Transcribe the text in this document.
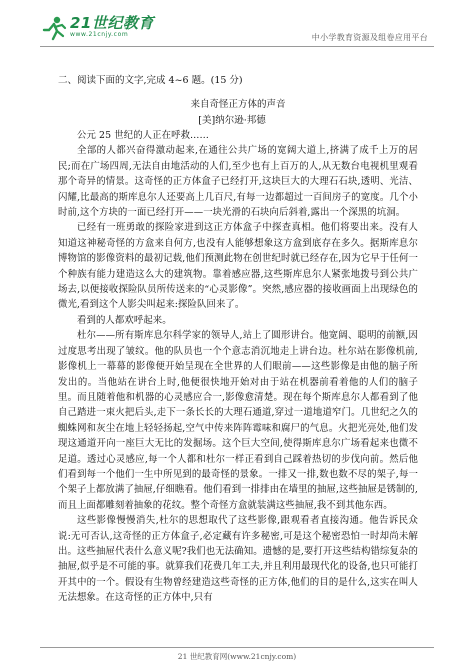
21世纪教育
www.21cnjy.com	中小学教育资源及组卷应用平台

二、阅读下面的文字,完成 4~6 题。(15 分)

来自奇怪正方体的声音

[美]纳尔逊·邦德

公元 25 世纪的人正在呼救……

全部的人都兴奋得激动起来,在通往公共广场的宽阔大道上,挤满了成千上万的居民;而在广场四周,无法自由地活动的人们,至少也有上百万的人,从无数台电视机里观看那个奇异的情景。这奇怪的正方体盒子已经打开,这块巨大的大理石石块,透明、光洁、闪耀,比最高的斯库息尔人还要高上几百尺,有每一边都超过一百间房子的宽度。几个小时前,这个方块的一面已经打开——一块光滑的石块向后斜着,露出一个深黑的坑洞。

已经有一班勇敢的探险家进到这正方体盒子中探查真相。他们将要出来。没有人知道这神秘奇怪的方盒来自何方,也没有人能够想象这方盒到底存在多久。据斯库息尔博物馆的影像资料的最初记载,他们预测此物在创世纪时就已经存在,因为它早于任何一个种族有能力建造这么大的建筑物。靠着感应器,这些斯库息尔人紧张地拨号到公共广场去,以便接收探险队员所传送来的“心灵影像”。突然,感应器的接收画面上出现绿色的微光,看到这个人影尖叫起来:探险队回来了。

看到的人都欢呼起来。

杜尔——所有斯库息尔科学家的领导人,站上了圆形讲台。他宽阔、聪明的前额,因过度思考出现了皱纹。他的队员也一个个意志消沉地走上讲台边。杜尔站在影像机前,影像机上一幕幕的影像便开始呈现在全世界的人们眼前——这些影像是由他的脑子所发出的。当他站在讲台上时,他便很快地开始对由于站在机器前看着他的人们的脑子里。而且随着他和机器的心灵感应合一,影像愈清楚。现在每个斯库息尔人都看到了他自己踏进一束火把后头,走下一条长长的大理石通道,穿过一道地道窄门。几世纪之久的蜘蛛网和灰尘在地上轻轻扬起,空气中传来阵阵霉味和腐尸的气息。火把光亮处,他们发现这通道开向一座巨大无比的发掘场。这个巨大空间,使得斯库息尔广场看起来也微不足道。透过心灵感应,每一个人都和杜尔一样正看到自己踩着热切的步伐向前。然后他们看到每一个他们一生中所见到的最奇怪的景象。一排又一排,数也数不尽的架子,每一个架子上都放满了抽屉,仔细瞧看。他们看到一排排由在墙里的抽屉,这些抽屉是锈制的,而且上面都雕刻着抽象的花纹。整个奇怪方盒就装满这些抽屉,我不到其他东西。

这些影像慢慢消失,杜尔的思想取代了这些影像,跟观看者直接沟通。他告诉民众说:无可否认,这奇怪的正方体盒子,必定藏有许多秘密,可是这个秘密恐怕一时却尚未解出。这些抽屉代表什么意义呢?我们也无法确知。遗憾的是,要打开这些结构错综复杂的抽屉,似乎是不可能的事。就算我们花费几年工夫,并且利用最现代化的设备,也只可能打开其中的一个。假设有生物曾经建造这些奇怪的正方体,他们的目的是什么,这实在叫人无法想象。在这奇怪的正方体中,只有

21 世纪教育网(www.21cnjy.com)
